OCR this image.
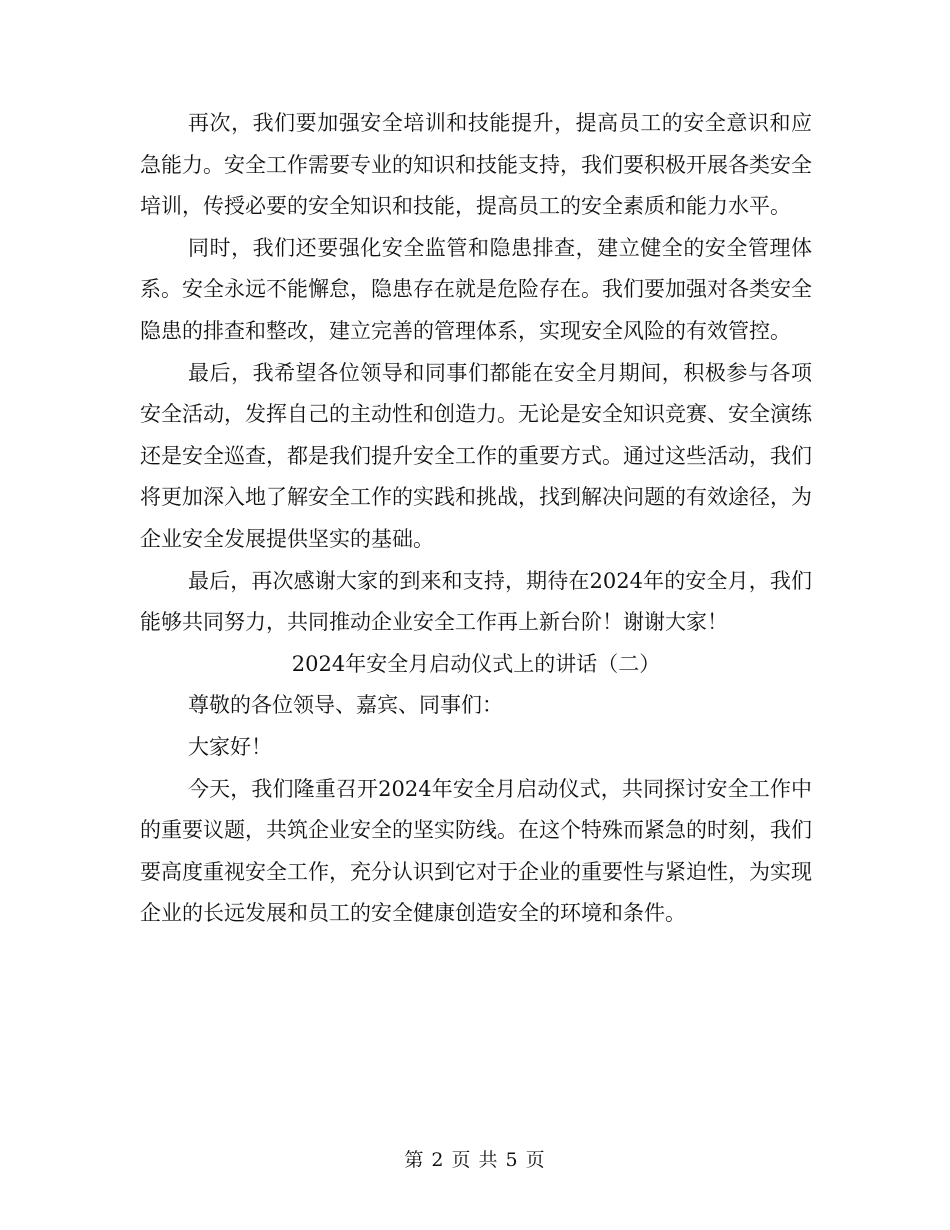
再次，我们要加强安全培训和技能提升，提高员工的安全意识和应急能力。安全工作需要专业的知识和技能支持，我们要积极开展各类安全培训，传授必要的安全知识和技能，提高员工的安全素质和能力水平。

同时，我们还要强化安全监管和隐患排查，建立健全的安全管理体系。安全永远不能懈怠，隐患存在就是危险存在。我们要加强对各类安全隐患的排查和整改，建立完善的管理体系，实现安全风险的有效管控。

最后，我希望各位领导和同事们都能在安全月期间，积极参与各项安全活动，发挥自己的主动性和创造力。无论是安全知识竞赛、安全演练还是安全巡查，都是我们提升安全工作的重要方式。通过这些活动，我们将更加深入地了解安全工作的实践和挑战，找到解决问题的有效途径，为企业安全发展提供坚实的基础。

最后，再次感谢大家的到来和支持，期待在2024年的安全月，我们能够共同努力，共同推动企业安全工作再上新台阶！谢谢大家！

2024年安全月启动仪式上的讲话（二）

尊敬的各位领导、嘉宾、同事们：

大家好！

今天，我们隆重召开2024年安全月启动仪式，共同探讨安全工作中的重要议题，共筑企业安全的坚实防线。在这个特殊而紧急的时刻，我们要高度重视安全工作，充分认识到它对于企业的重要性与紧迫性，为实现企业的长远发展和员工的安全健康创造安全的环境和条件。

第 2 页 共 5 页
